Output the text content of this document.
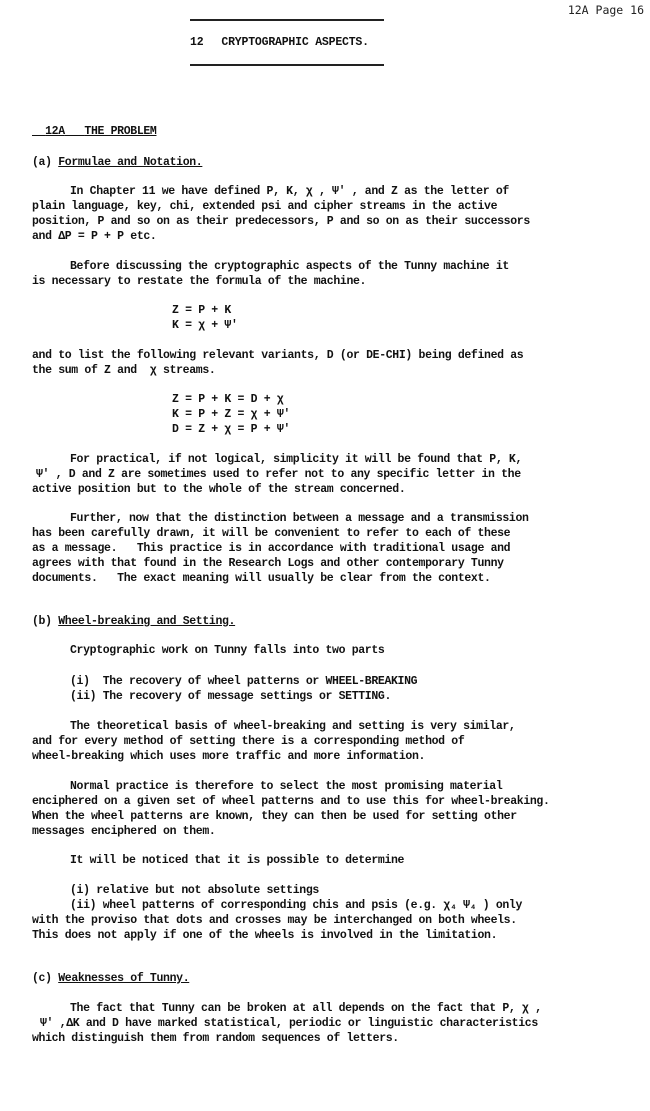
12A Page 16
12 CRYPTOGRAPHIC ASPECTS.

12A THE PROBLEM

(a) Formulae and Notation.
In Chapter 11 we have defined P, K, χ , Ψ′ , and Z as the letter of
plain language, key, chi, extended psi and cipher streams in the active
position, P and so on as their predecessors, P and so on as their successors
and ΔP = P + P etc.
Before discussing the cryptographic aspects of the Tunny machine it
is necessary to restate the formula of the machine.
Z = P + K
K = χ + Ψ′
and to list the following relevant variants, D (or DE-CHI) being defined as
the sum of Z and  χ streams.
Z = P + K = D + χ
K = P + Z = χ + Ψ′
D = Z + χ = P + Ψ′
For practical, if not logical, simplicity it will be found that P, K,
Ψ′ , D and Z are sometimes used to refer not to any specific letter in the
active position but to the whole of the stream concerned.
Further, now that the distinction between a message and a transmission
has been carefully drawn, it will be convenient to refer to each of these
as a message.   This practice is in accordance with traditional usage and
agrees with that found in the Research Logs and other contemporary Tunny
documents.   The exact meaning will usually be clear from the context.
(b) Wheel-breaking and Setting.
Cryptographic work on Tunny falls into two parts
(i)  The recovery of wheel patterns or WHEEL-BREAKING
(ii) The recovery of message settings or SETTING.
The theoretical basis of wheel-breaking and setting is very similar,
and for every method of setting there is a corresponding method of
wheel-breaking which uses more traffic and more information.
Normal practice is therefore to select the most promising material
enciphered on a given set of wheel patterns and to use this for wheel-breaking.
When the wheel patterns are known, they can then be used for setting other
messages enciphered on them.
It will be noticed that it is possible to determine
(i) relative but not absolute settings
(ii) wheel patterns of corresponding chis and psis (e.g. χ₄ Ψ₄ ) only
with the proviso that dots and crosses may be interchanged on both wheels.
This does not apply if one of the wheels is involved in the limitation.
(c) Weaknesses of Tunny.
The fact that Tunny can be broken at all depends on the fact that P, χ ,
Ψ′ ,ΔK and D have marked statistical, periodic or linguistic characteristics
which distinguish them from random sequences of letters.
